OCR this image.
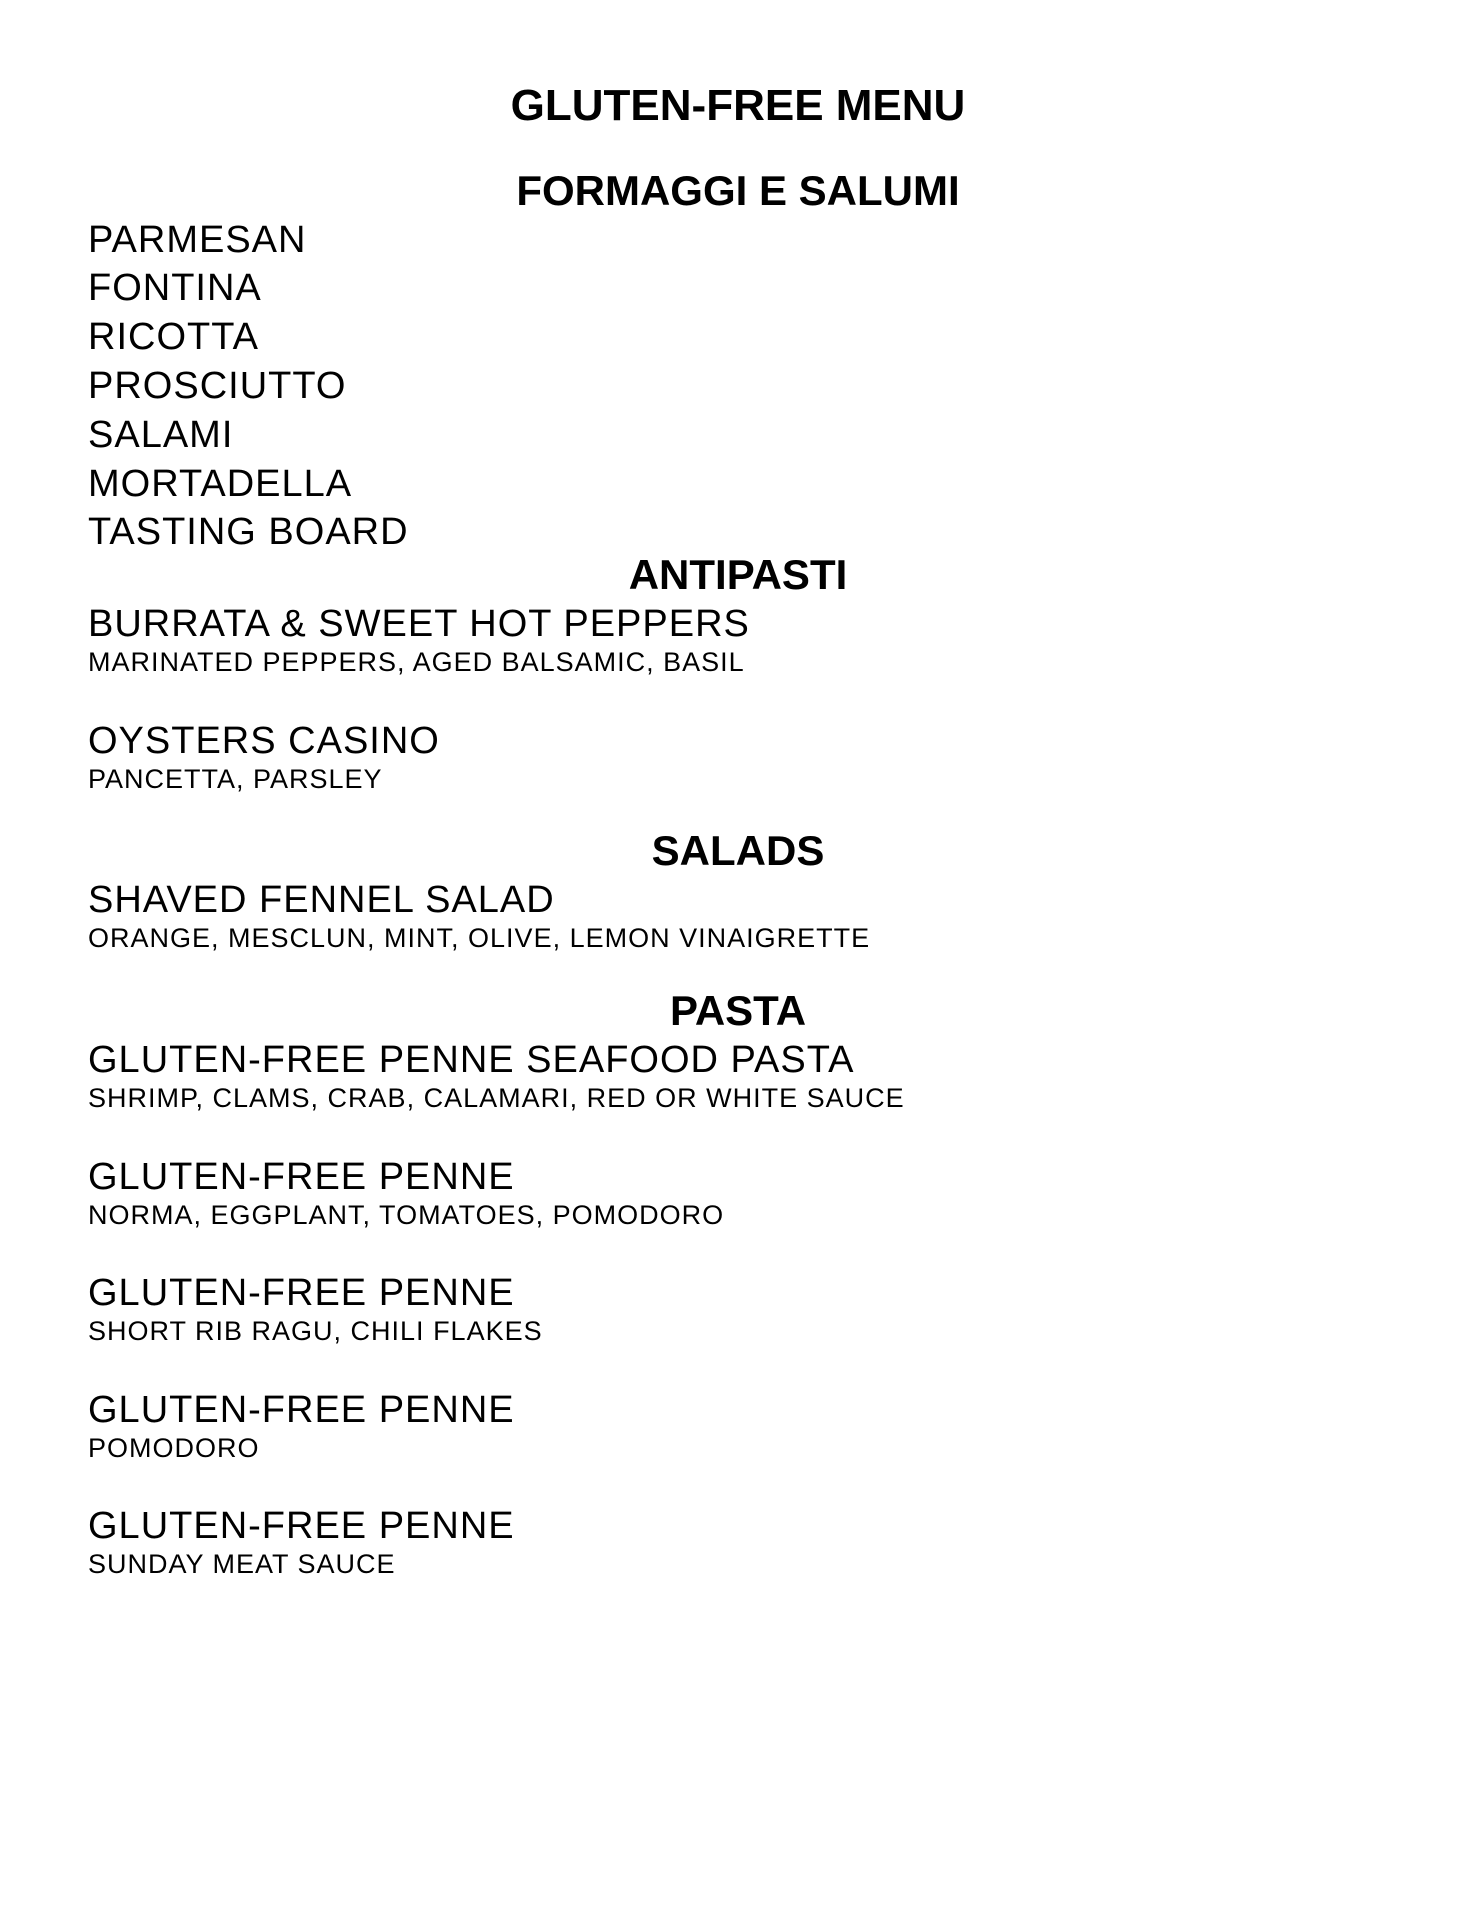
GLUTEN-FREE MENU
FORMAGGI E SALUMI
PARMESAN
FONTINA
RICOTTA
PROSCIUTTO
SALAMI
MORTADELLA
TASTING BOARD
ANTIPASTI
BURRATA & SWEET HOT PEPPERS
MARINATED PEPPERS, AGED BALSAMIC, BASIL
OYSTERS CASINO
PANCETTA, PARSLEY
SALADS
SHAVED FENNEL SALAD
ORANGE, MESCLUN, MINT, OLIVE, LEMON VINAIGRETTE
PASTA
GLUTEN-FREE PENNE SEAFOOD PASTA
SHRIMP, CLAMS, CRAB, CALAMARI, RED OR WHITE SAUCE
GLUTEN-FREE PENNE
NORMA, EGGPLANT, TOMATOES, POMODORO
GLUTEN-FREE PENNE
SHORT RIB RAGU, CHILI FLAKES
GLUTEN-FREE PENNE
POMODORO
GLUTEN-FREE PENNE
SUNDAY MEAT SAUCE
